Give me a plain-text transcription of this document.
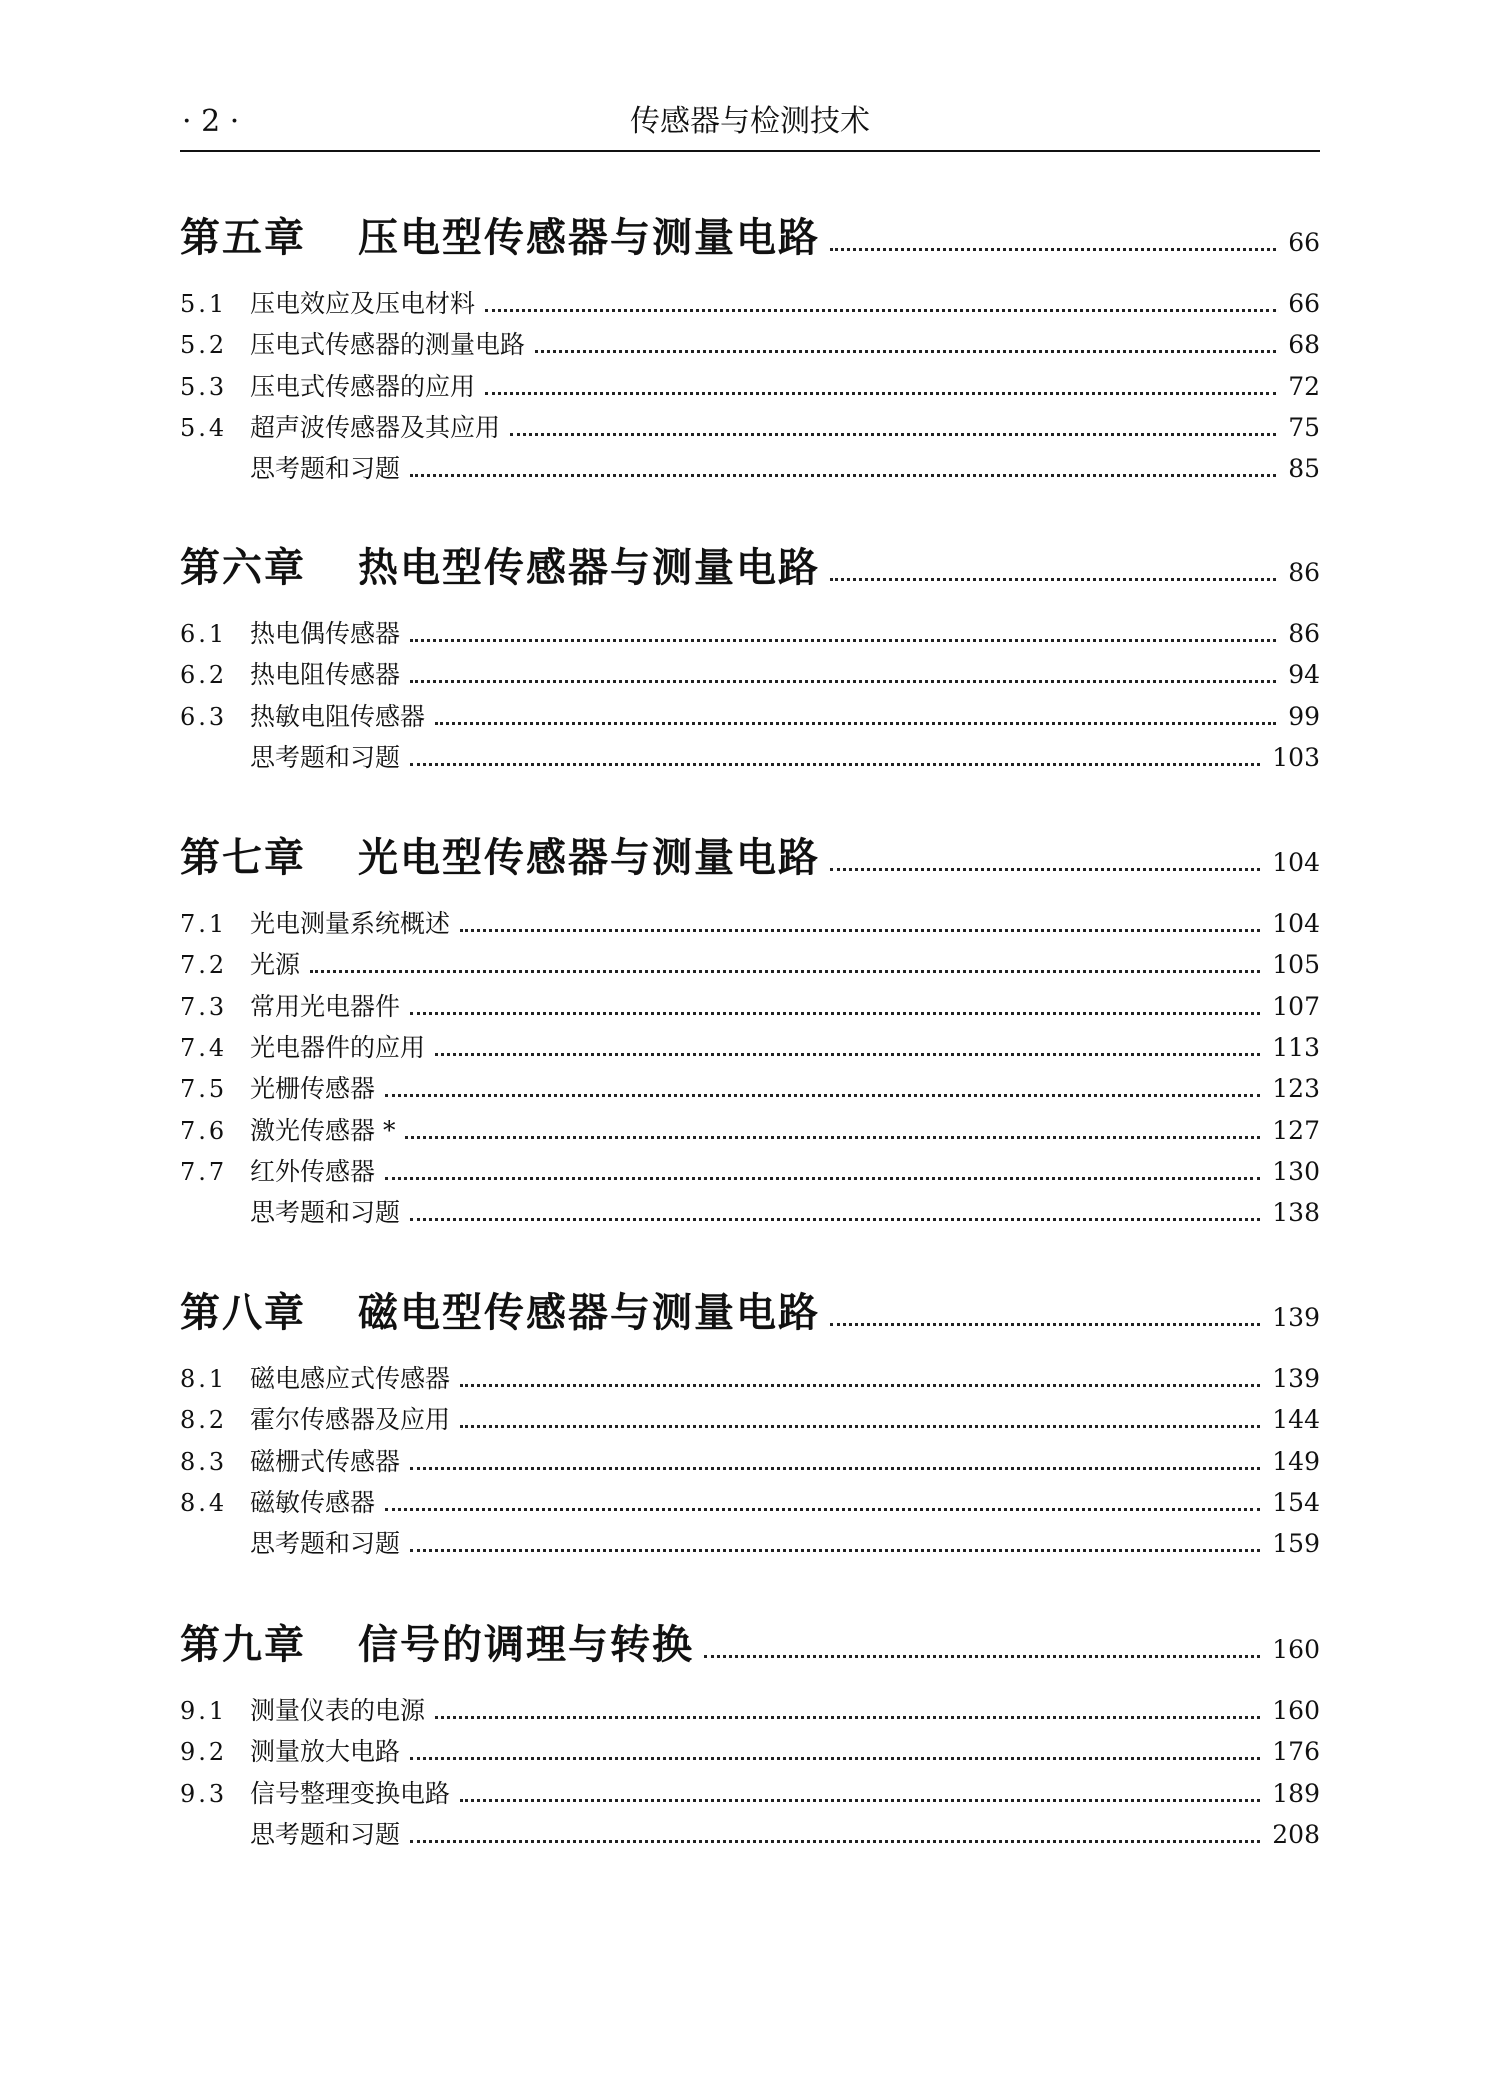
传感器与检测技术
· 2 ·
第五章	压电型传感器与测量电路	66
5.1 压电效应及压电材料	66
5.2 压电式传感器的测量电路	68
5.3 压电式传感器的应用	72
5.4 超声波传感器及其应用	75
思考题和习题	85
第六章	热电型传感器与测量电路	86
6.1 热电偶传感器	86
6.2 热电阻传感器	94
6.3 热敏电阻传感器	99
思考题和习题	103
第七章	光电型传感器与测量电路	104
7.1 光电测量系统概述	104
7.2 光源	105
7.3 常用光电器件	107
7.4 光电器件的应用	113
7.5 光栅传感器	123
7.6 激光传感器 *	127
7.7 红外传感器	130
思考题和习题	138
第八章	磁电型传感器与测量电路	139
8.1 磁电感应式传感器	139
8.2 霍尔传感器及应用	144
8.3 磁栅式传感器	149
8.4 磁敏传感器	154
思考题和习题	159
第九章	信号的调理与转换	160
9.1 测量仪表的电源	160
9.2 测量放大电路	176
9.3 信号整理变换电路	189
思考题和习题	208
